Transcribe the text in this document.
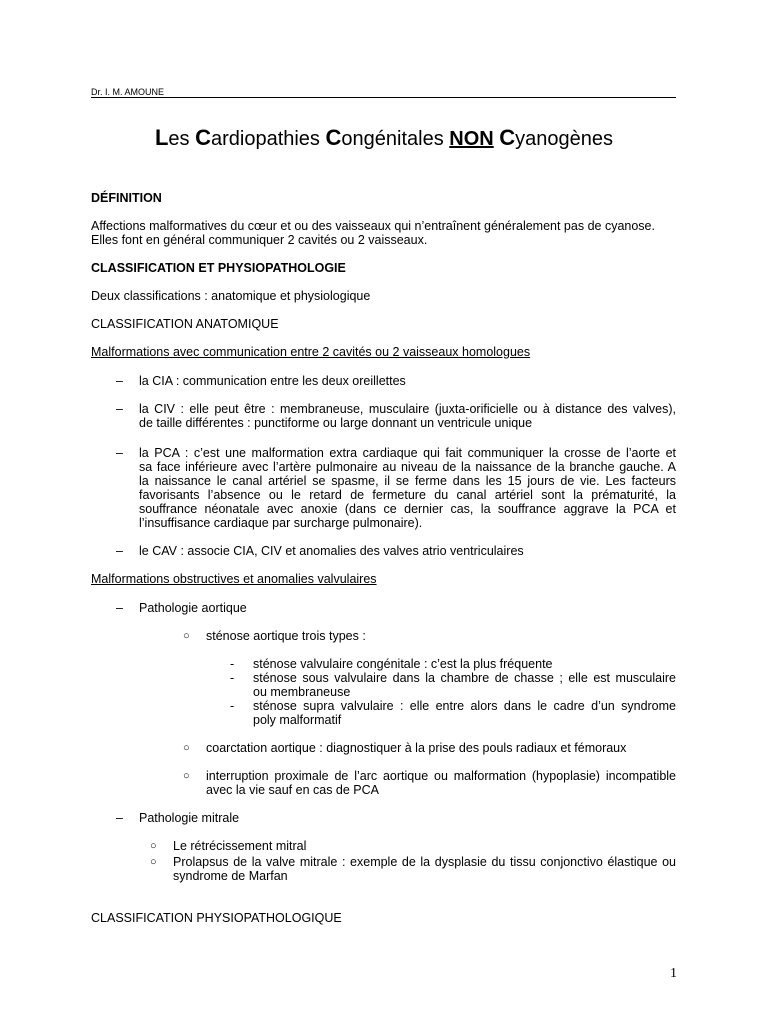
Dr. I. M. AMOUNE
Les Cardiopathies Congénitales NON Cyanogènes
DÉFINITION
Affections malformatives du cœur et ou des vaisseaux qui n’entraînent généralement pas de cyanose.
Elles font en général communiquer 2 cavités ou 2 vaisseaux.
CLASSIFICATION ET PHYSIOPATHOLOGIE
Deux classifications : anatomique et physiologique
CLASSIFICATION ANATOMIQUE
Malformations avec communication entre 2 cavités ou 2 vaisseaux homologues
– la CIA : communication entre les deux oreillettes
– la CIV : elle peut être : membraneuse, musculaire (juxta-orificielle ou à distance des valves),
de taille différentes : punctiforme ou large donnant un ventricule unique
– la PCA : c’est une malformation extra cardiaque qui fait communiquer la crosse de l’aorte et
sa face inférieure avec l’artère pulmonaire au niveau de la naissance de la branche gauche. A
la naissance le canal artériel se spasme, il se ferme dans les 15 jours de vie. Les facteurs
favorisants l’absence ou le retard de fermeture du canal artériel sont la prématurité, la
souffrance néonatale avec anoxie (dans ce dernier cas, la souffrance aggrave la PCA et
l’insuffisance cardiaque par surcharge pulmonaire).
– le CAV : associe CIA, CIV et anomalies des valves atrio ventriculaires
Malformations obstructives et anomalies valvulaires
– Pathologie aortique
○ sténose aortique trois types :
- sténose valvulaire congénitale : c’est la plus fréquente
- sténose sous valvulaire dans la chambre de chasse ; elle est musculaire
ou membraneuse
- sténose supra valvulaire : elle entre alors dans le cadre d’un syndrome
poly malformatif
○ coarctation aortique : diagnostiquer à la prise des pouls radiaux et fémoraux
○ interruption proximale de l’arc aortique ou malformation (hypoplasie) incompatible
avec la vie sauf en cas de PCA
– Pathologie mitrale
○ Le rétrécissement mitral
○ Prolapsus de la valve mitrale : exemple de la dysplasie du tissu conjonctivo élastique ou
syndrome de Marfan
CLASSIFICATION PHYSIOPATHOLOGIQUE
1
